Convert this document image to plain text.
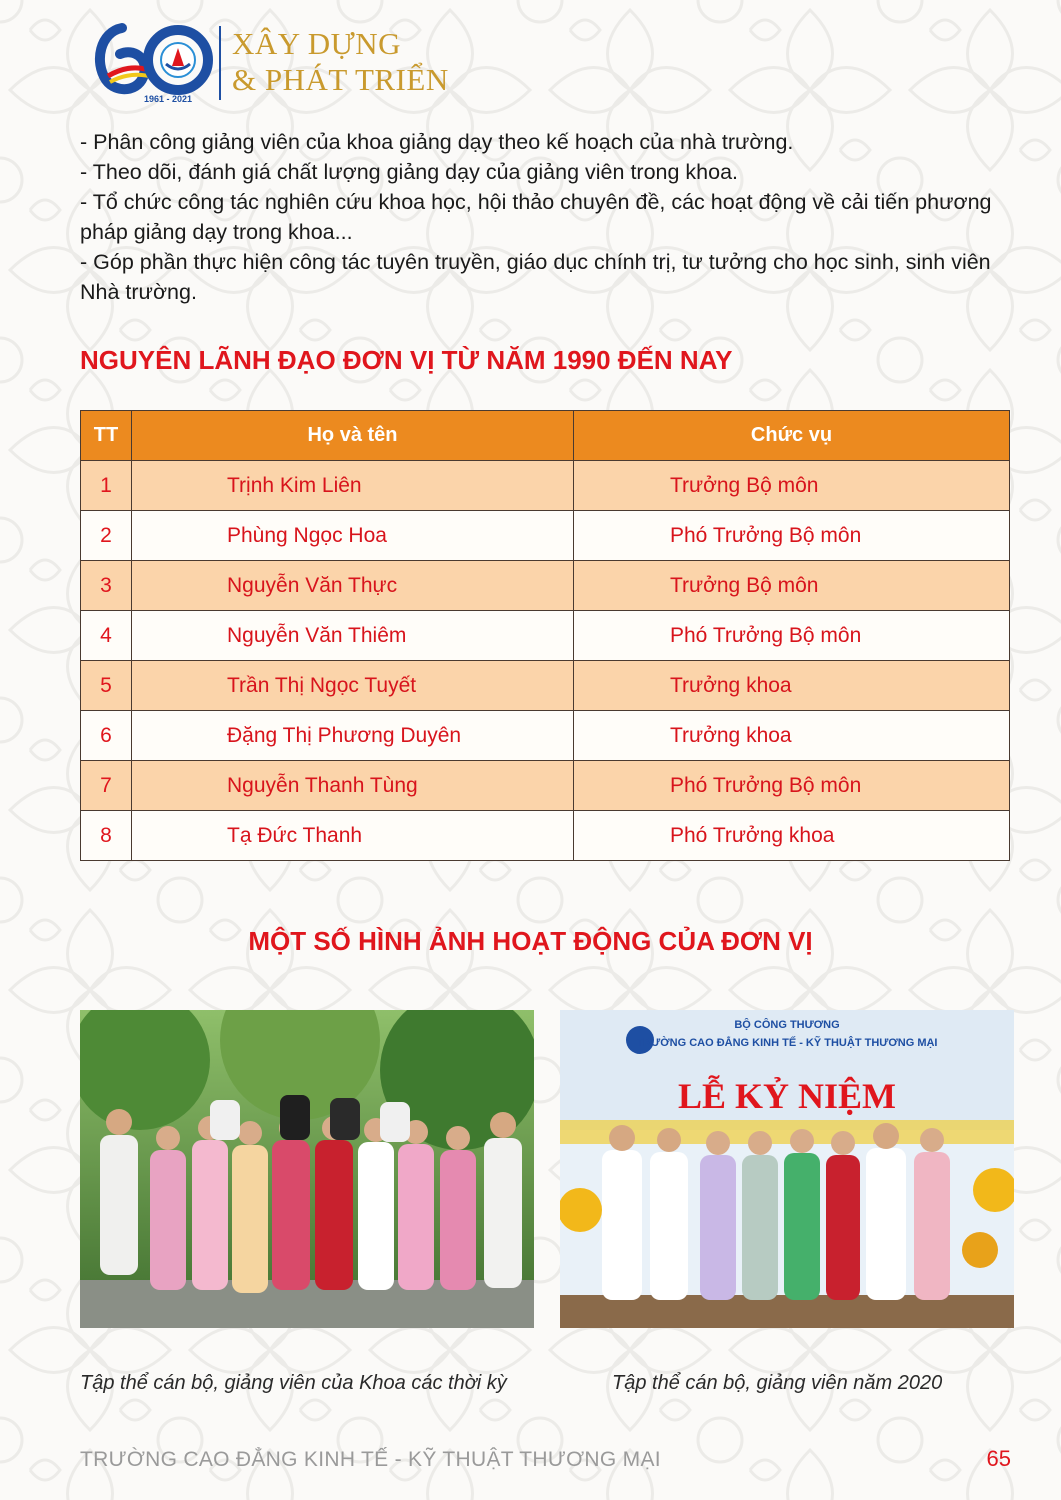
1961 - 2021
XÂY DỰNG
& PHÁT TRIỂN

- Phân công giảng viên của khoa giảng dạy theo kế hoạch của nhà trường.

- Theo dõi, đánh giá chất lượng giảng dạy của giảng viên trong khoa.

- Tổ chức công tác nghiên cứu khoa học, hội thảo chuyên đề, các hoạt động về cải tiến phương pháp giảng dạy trong khoa...

- Góp phần thực hiện công tác tuyên truyền, giáo dục chính trị, tư tưởng cho học sinh, sinh viên Nhà trường.

NGUYÊN LÃNH ĐẠO ĐƠN VỊ TỪ NĂM 1990 ĐẾN NAY
TT	Họ và tên	Chức vụ
1	Trịnh Kim Liên	Trưởng Bộ môn
2	Phùng Ngọc Hoa	Phó Trưởng Bộ môn
3	Nguyễn Văn Thực	Trưởng Bộ môn
4	Nguyễn Văn Thiêm	Phó Trưởng Bộ môn
5	Trần Thị Ngọc Tuyết	Trưởng khoa
6	Đặng Thị Phương Duyên	Trưởng khoa
7	Nguyễn Thanh Tùng	Phó Trưởng Bộ môn
8	Tạ Đức Thanh	Phó Trưởng khoa
MỘT SỐ HÌNH ẢNH HOẠT ĐỘNG CỦA ĐƠN VỊ
BỘ CÔNG THƯƠNG
TRƯỜNG CAO ĐẲNG KINH TẾ - KỸ THUẬT THƯƠNG MẠI
LỄ KỶ NIỆM
Tập thể cán bộ, giảng viên của Khoa các thời kỳ	Tập thể cán bộ, giảng viên năm 2020
TRƯỜNG CAO ĐẲNG KINH TẾ - KỸ THUẬT THƯƠNG MẠI	65
